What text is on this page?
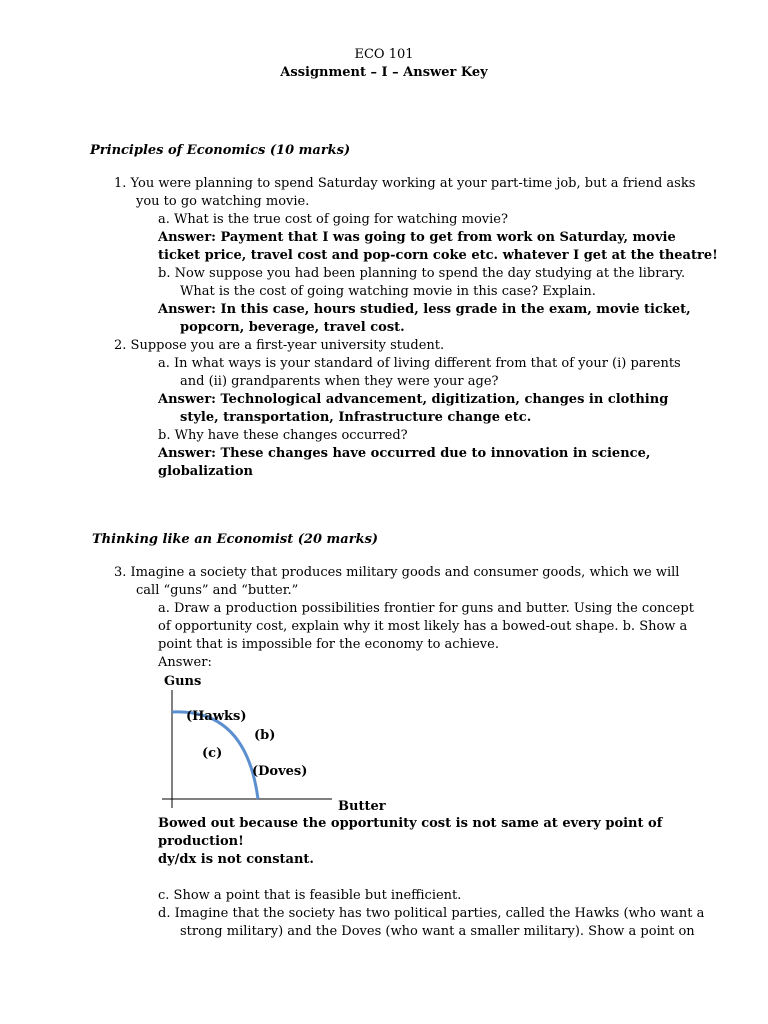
ECO 101
Assignment – I – Answer Key
Principles of Economics (10 marks)
1. You were planning to spend Saturday working at your part-time job, but a friend asks
you to go watching movie.
a. What is the true cost of going for watching movie?
Answer: Payment that I was going to get from work on Saturday, movie
ticket price, travel cost and pop-corn coke etc. whatever I get at the theatre!
b. Now suppose you had been planning to spend the day studying at the library.
What is the cost of going watching movie in this case? Explain.
Answer: In this case, hours studied, less grade in the exam, movie ticket,
popcorn, beverage, travel cost.
2. Suppose you are a first-year university student.
a. In what ways is your standard of living different from that of your (i) parents
and (ii) grandparents when they were your age?
Answer: Technological advancement, digitization, changes in clothing
style, transportation, Infrastructure change etc.
b. Why have these changes occurred?
Answer: These changes have occurred due to innovation in science,
globalization
Thinking like an Economist (20 marks)
3. Imagine a society that produces military goods and consumer goods, which we will
call “guns” and “butter.”
a. Draw a production possibilities frontier for guns and butter. Using the concept
of opportunity cost, explain why it most likely has a bowed-out shape. b. Show a
point that is impossible for the economy to achieve.
Answer:
Guns
(Hawks)
(b)
(c)
(Doves)
Butter
Bowed out because the opportunity cost is not same at every point of
production!
dy/dx is not constant.
c. Show a point that is feasible but inefficient.
d. Imagine that the society has two political parties, called the Hawks (who want a
strong military) and the Doves (who want a smaller military). Show a point on
